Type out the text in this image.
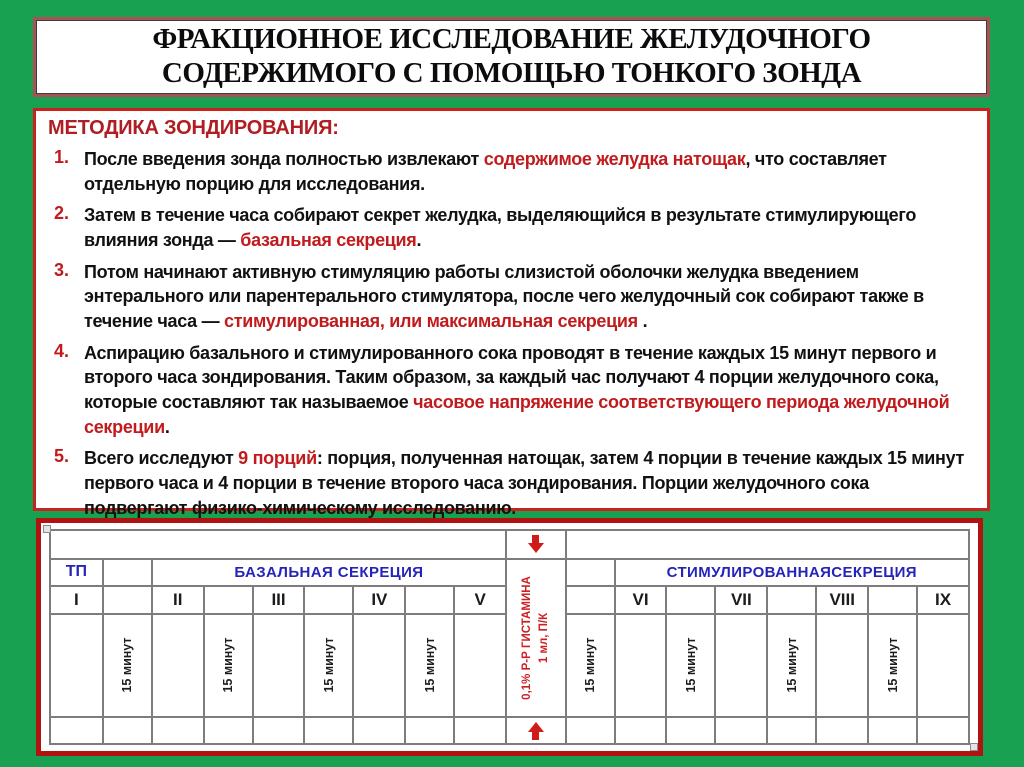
ФРАКЦИОННОЕ ИССЛЕДОВАНИЕ ЖЕЛУДОЧНОГО
СОДЕРЖИМОГО С ПОМОЩЬЮ ТОНКОГО ЗОНДА
МЕТОДИКА ЗОНДИРОВАНИЯ:
1. После введения зонда полностью извлекают содержимое желудка натощак, что составляет отдельную порцию для исследования.
2. Затем в течение часа собирают секрет желудка, выделяющийся в результате стимулирующего влияния зонда — базальная секреция.
3. Потом начинают активную стимуляцию работы слизистой оболочки желудка введением энтерального или парентерального стимулятора, после чего желудочный сок собирают также в течение часа — стимулированная, или максимальная секреция .
4. Аспирацию базального и стимулированного сока проводят в течение каждых 15 минут первого и второго часа зондирования. Таким образом, за каждый час получают 4 порции желудочного сока, которые составляют так называемое часовое напряжение соответствующего периода желудочной секреции.
5. Всего исследуют 9 порций: порция, полученная натощак, затем 4 порции в течение каждых 15 минут первого часа и 4 порции в течение второго часа зондирования. Порции желудочного сока подвергают физико-химическому исследованию.

ТП		БАЗАЛЬНАЯ СЕКРЕЦИЯ							0,1% Р-Р ГИСТАМИНА 1 мл, П/К		СТИМУЛИРОВАННАЯСЕКРЕЦИЯ						
I		II		III		IV		V			VI		VII		VIII		IX

	15 минут		15 минут		15 минут		15 минут			15 минут		15 минут		15 минут		15 минут	
